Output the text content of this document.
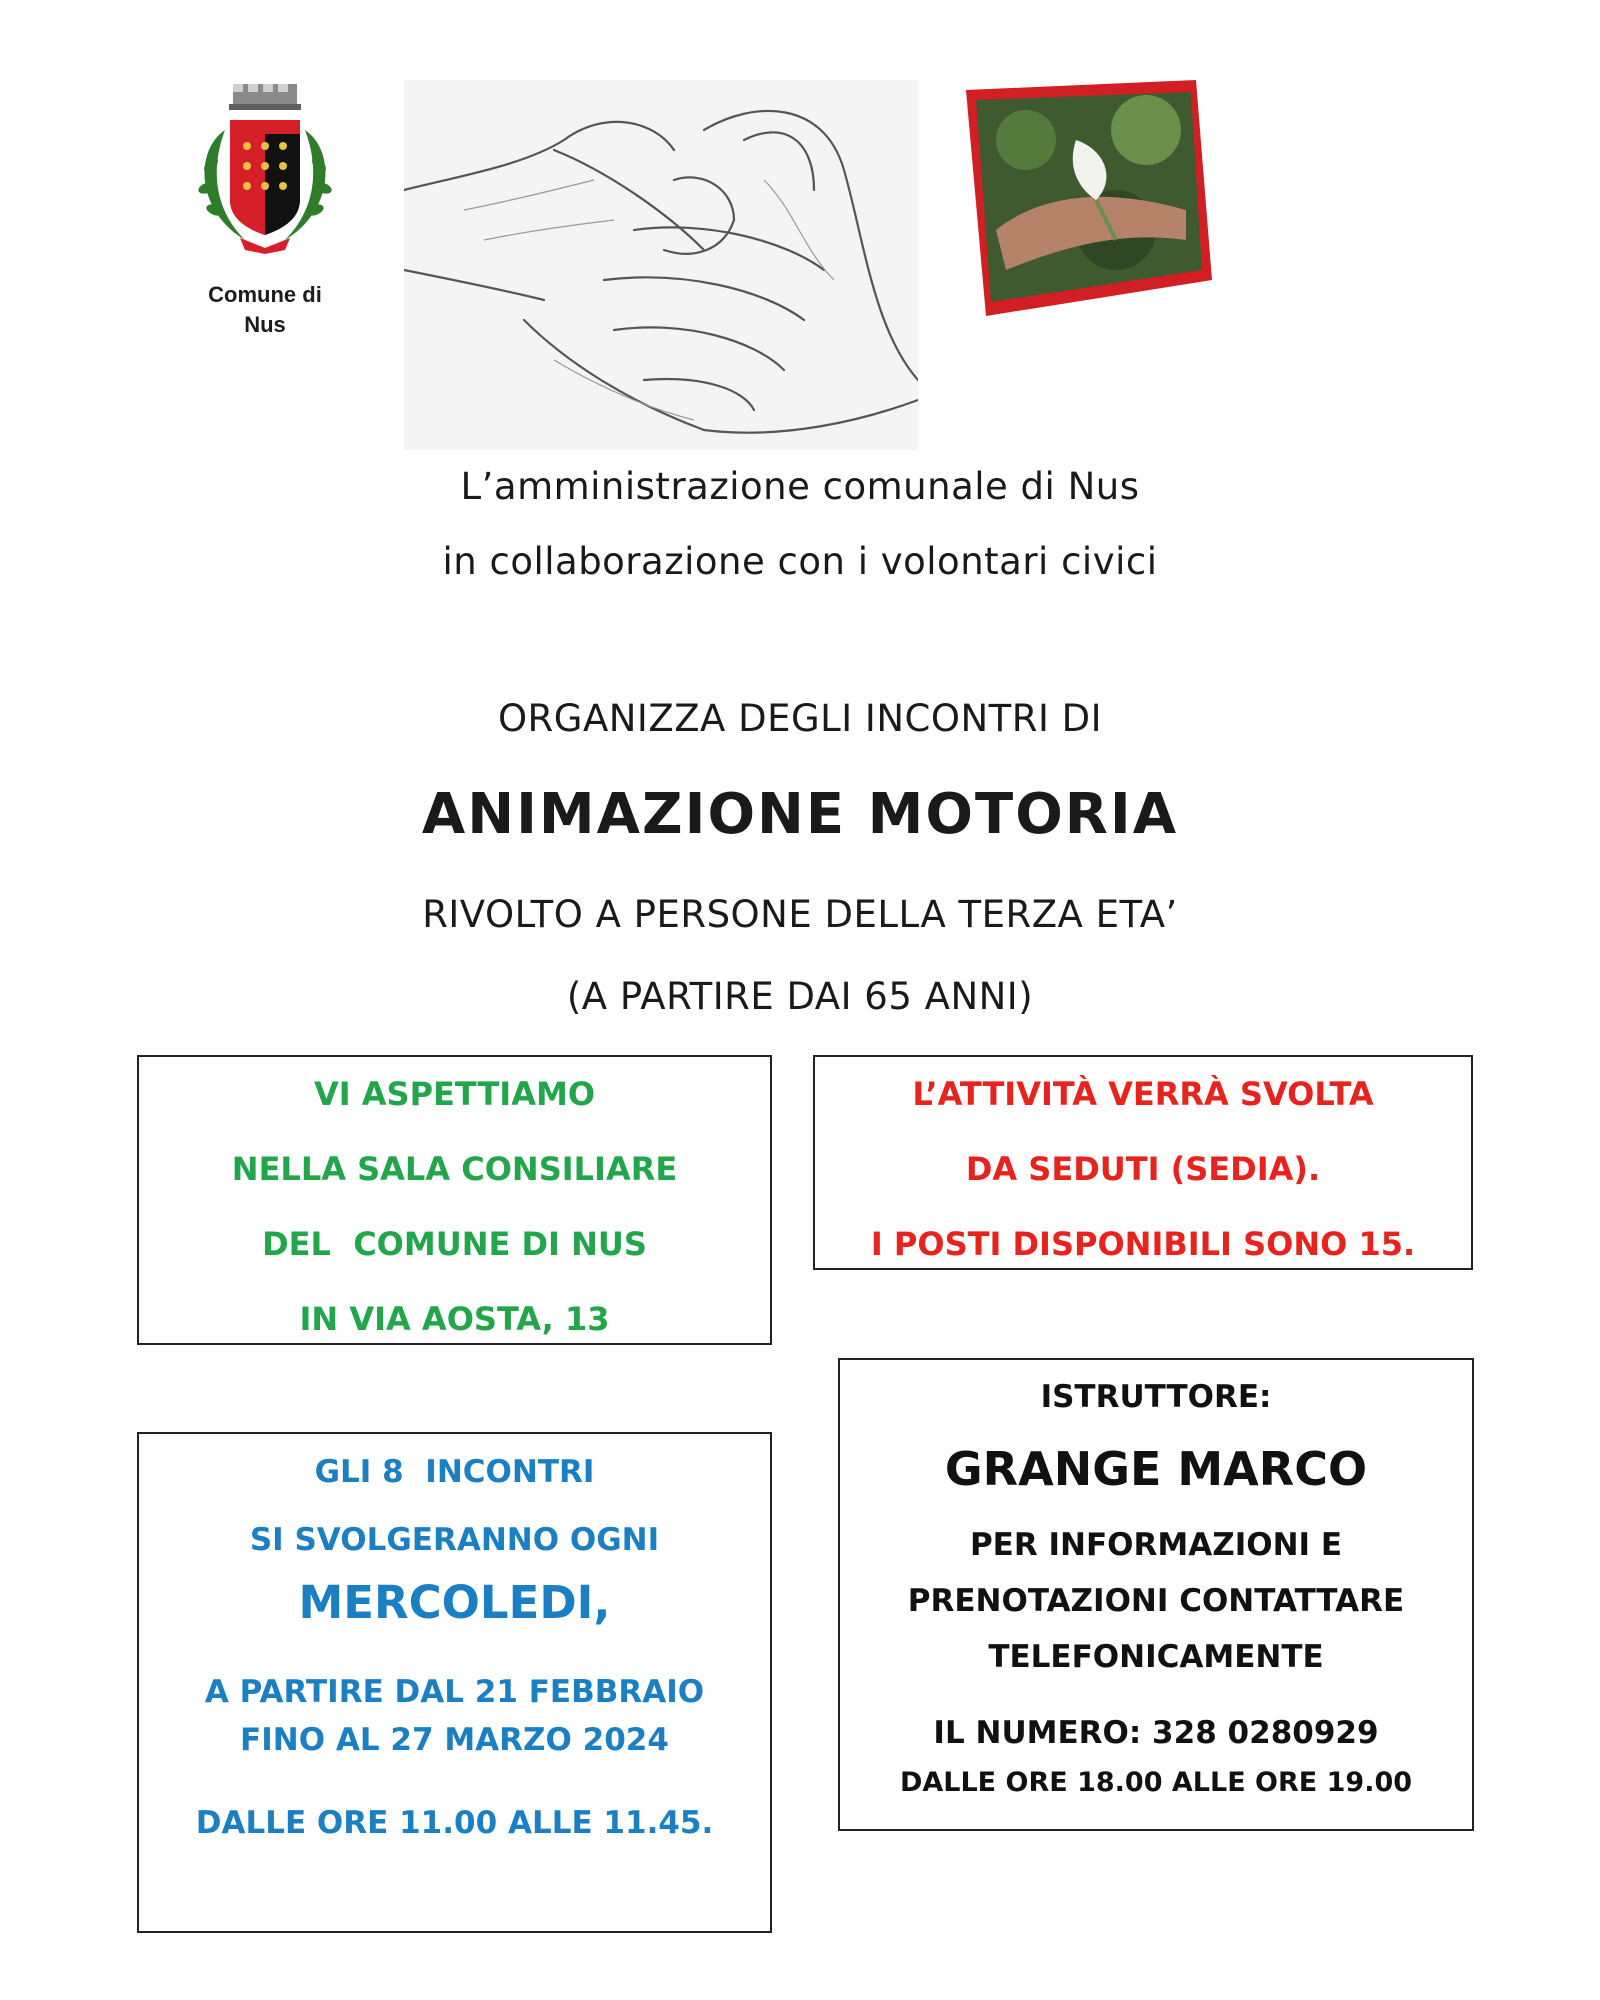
Comune di
Nus
L’amministrazione comunale di Nus
in collaborazione con i volontari civici
ORGANIZZA DEGLI INCONTRI DI
ANIMAZIONE MOTORIA
RIVOLTO A PERSONE DELLA TERZA ETA’
(A PARTIRE DAI 65 ANNI)

VI ASPETTIAMO

NELLA SALA CONSILIARE

DEL  COMUNE DI NUS

IN VIA AOSTA, 13

L’ATTIVITÀ VERRÀ SVOLTA

DA SEDUTI (SEDIA).

I POSTI DISPONIBILI SONO 15.

GLI 8  INCONTRI

SI SVOLGERANNO OGNI

MERCOLEDI,

A PARTIRE DAL 21 FEBBRAIO

FINO AL 27 MARZO 2024

DALLE ORE 11.00 ALLE 11.45.

ISTRUTTORE:

GRANGE MARCO

PER INFORMAZIONI E

PRENOTAZIONI CONTATTARE

TELEFONICAMENTE

IL NUMERO: 328 0280929

DALLE ORE 18.00 ALLE ORE 19.00
